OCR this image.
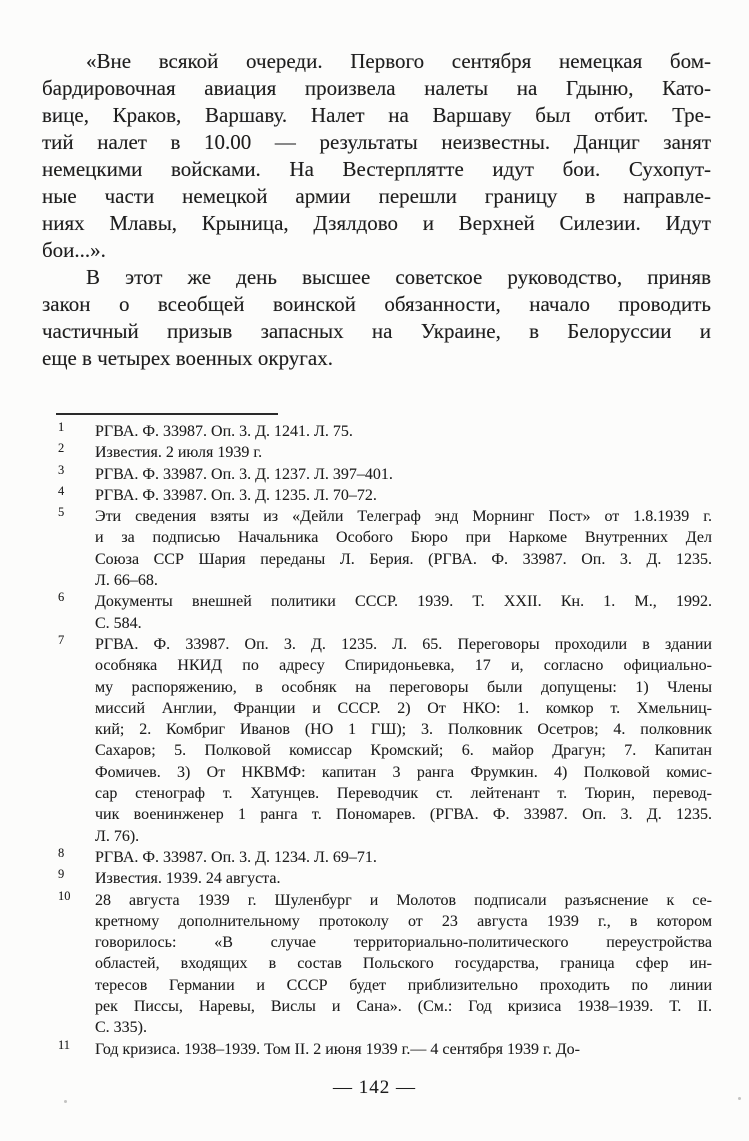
«Вне всякой очереди. Первого сентября немецкая бом-
бардировочная авиация произвела налеты на Гдыню, Като-
вице, Краков, Варшаву. Налет на Варшаву был отбит. Тре-
тий налет в 10.00 — результаты неизвестны. Данциг занят
немецкими войсками. На Вестерплятте идут бои. Сухопут-
ные части немецкой армии перешли границу в направле-
ниях Млавы, Крыница, Дзялдово и Верхней Силезии. Идут
бои...».
В этот же день высшее советское руководство, приняв
закон о всеобщей воинской обязанности, начало проводить
частичный призыв запасных на Украине, в Белоруссии и
еще в четырех военных округах.
1	РГВА. Ф. 33987. Оп. 3. Д. 1241. Л. 75.
2	Известия. 2 июля 1939 г.
3	РГВА. Ф. 33987. Оп. 3. Д. 1237. Л. 397–401.
4	РГВА. Ф. 33987. Оп. 3. Д. 1235. Л. 70–72.
5	Эти сведения взяты из «Дейли Телеграф энд Морнинг Пост» от 1.8.1939 г.
и за подписью Начальника Особого Бюро при Наркоме Внутренних Дел
Союза ССР Шария переданы Л. Берия. (РГВА. Ф. 33987. Оп. 3. Д. 1235.
Л. 66–68.
6	Документы внешней политики СССР. 1939. Т. XXII. Кн. 1. М., 1992.
С. 584.
7	РГВА. Ф. 33987. Оп. 3. Д. 1235. Л. 65. Переговоры проходили в здании
особняка НКИД по адресу Спиридоньевка, 17 и, согласно официально-
му распоряжению, в особняк на переговоры были допущены: 1) Члены
миссий Англии, Франции и СССР. 2) От НКО: 1. комкор т. Хмельниц-
кий; 2. Комбриг Иванов (НО 1 ГШ); 3. Полковник Осетров; 4. полковник
Сахаров; 5. Полковой комиссар Кромский; 6. майор Драгун; 7. Капитан
Фомичев. 3) От НКВМФ: капитан 3 ранга Фрумкин. 4) Полковой комис-
сар стенограф т. Хатунцев. Переводчик ст. лейтенант т. Тюрин, перевод-
чик военинженер 1 ранга т. Пономарев. (РГВА. Ф. 33987. Оп. 3. Д. 1235.
Л. 76).
8	РГВА. Ф. 33987. Оп. 3. Д. 1234. Л. 69–71.
9	Известия. 1939. 24 августа.
10	28 августа 1939 г. Шуленбург и Молотов подписали разъяснение к се-
кретному дополнительному протоколу от 23 августа 1939 г., в котором
говорилось: «В случае территориально-политического переустройства
областей, входящих в состав Польского государства, граница сфер ин-
тересов Германии и СССР будет приблизительно проходить по линии
рек Писсы, Наревы, Вислы и Сана». (См.: Год кризиса 1938–1939. Т. II.
С. 335).
11	Год кризиса. 1938–1939. Том II. 2 июня 1939 г.— 4 сентября 1939 г. До-
— 142 —
